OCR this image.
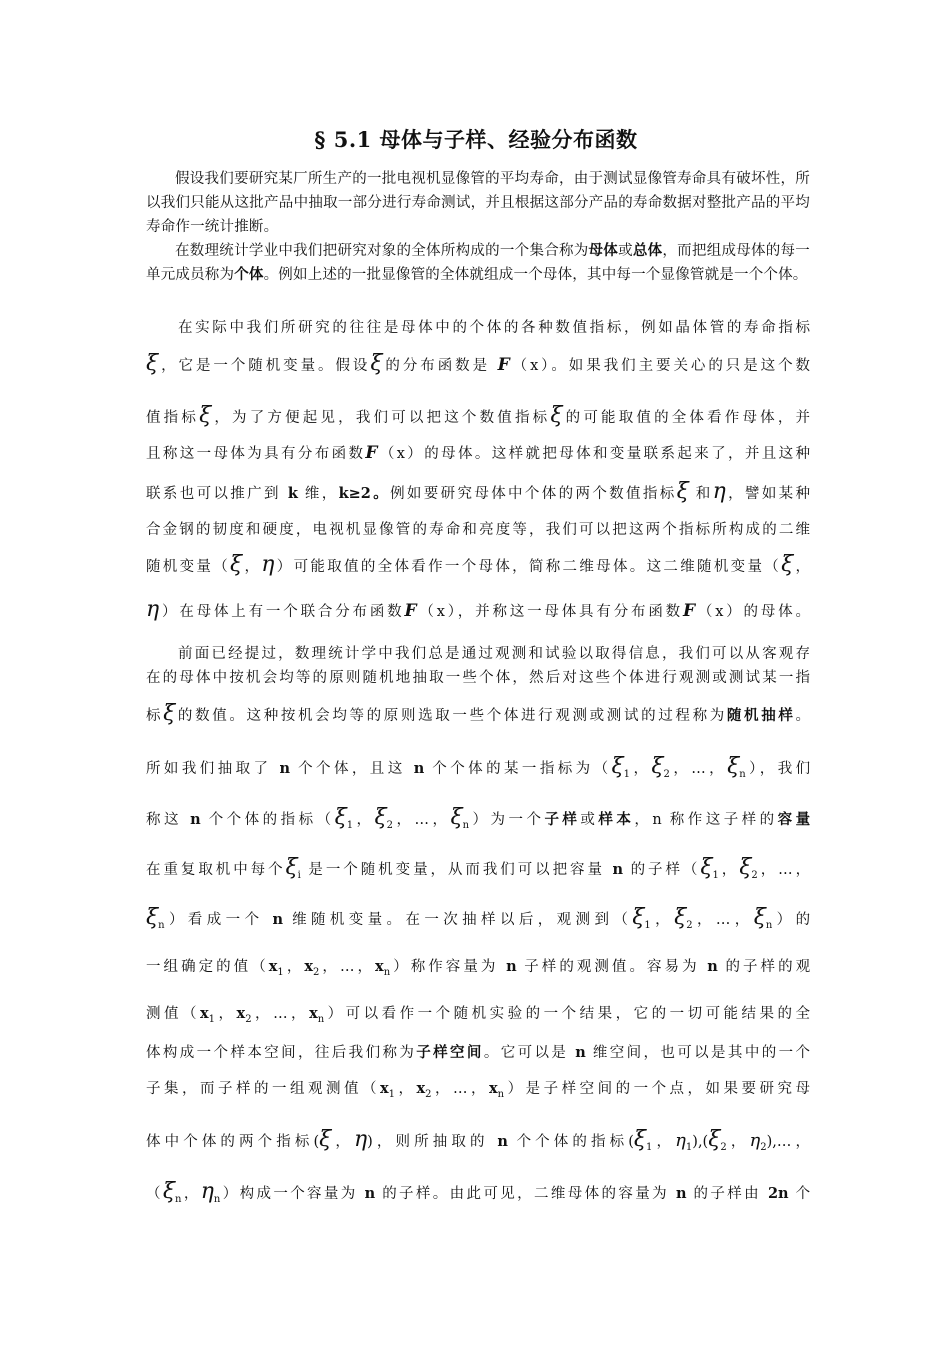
§ 5.1 母体与子样、经验分布函数
假设我们要研究某厂所生产的一批电视机显像管的平均寿命，由于测试显像管寿命具有破坏性，所以我们只能从这批产品中抽取一部分进行寿命测试，并且根据这部分产品的寿命数据对整批产品的平均寿命作一统计推断。
在数理统计学业中我们把研究对象的全体所构成的一个集合称为母体或总体，而把组成母体的每一单元成员称为个体。例如上述的一批显像管的全体就组成一个母体，其中每一个显像管就是一个个体。
在实际中我们所研究的往往是母体中的个体的各种数值指标，例如晶体管的寿命指标
ξ，它是一个随机变量。假设ξ的分布函数是 F（x）。如果我们主要关心的只是这个数
值指标ξ，为了方便起见，我们可以把这个数值指标ξ的可能取值的全体看作母体，并
且称这一母体为具有分布函数F（x）的母体。这样就把母体和变量联系起来了，并且这种
联系也可以推广到 k 维，k≥2。例如要研究母体中个体的两个数值指标ξ 和η，譬如某种
合金钢的韧度和硬度，电视机显像管的寿命和亮度等，我们可以把这两个指标所构成的二维
随机变量（ξ，η）可能取值的全体看作一个母体，简称二维母体。这二维随机变量（ξ，
η）在母体上有一个联合分布函数F（x），并称这一母体具有分布函数F（x）的母体。
前面已经提过，数理统计学中我们总是通过观测和试验以取得信息，我们可以从客观存
在的母体中按机会均等的原则随机地抽取一些个体，然后对这些个体进行观测或测试某一指
标ξ的数值。这种按机会均等的原则选取一些个体进行观测或测试的过程称为随机抽样。
所如我们抽取了 n 个个体，且这 n 个个体的某一指标为（$\xi_1$，$\xi_2$，…，$\xi_n$），我们
称这 n 个个体的指标（$\xi_1$，$\xi_2$，…，$\xi_n$）为一个子样或样本，n 称作这子样的容量
在重复取机中每个$\xi_i$ 是一个随机变量，从而我们可以把容量 n 的子样（$\xi_1$，$\xi_2$，…，
$\xi_n$）看成一个 n 维随机变量。在一次抽样以后，观测到（$\xi_1$，$\xi_2$，…，$\xi_n$）的
一组确定的值（$x_1$，$x_2$，…，$x_n$）称作容量为 n 子样的观测值。容易为 n 的子样的观
测值（$x_1$，$x_2$，…，$x_n$）可以看作一个随机实验的一个结果，它的一切可能结果的全
体构成一个样本空间，往后我们称为子样空间。它可以是 n 维空间，也可以是其中的一个
子集，而子样的一组观测值（$x_1$，$x_2$，…，$x_n$）是子样空间的一个点，如果要研究母
体中个体的两个指标(ξ，η)，则所抽取的 n 个个体的指标($\xi_1$，$\eta_1),(\xi_2$，$\eta_2),\dots$，
（$\xi_n$，$\eta_n$）构成一个容量为 n 的子样。由此可见，二维母体的容量为 n 的子样由 2n 个
